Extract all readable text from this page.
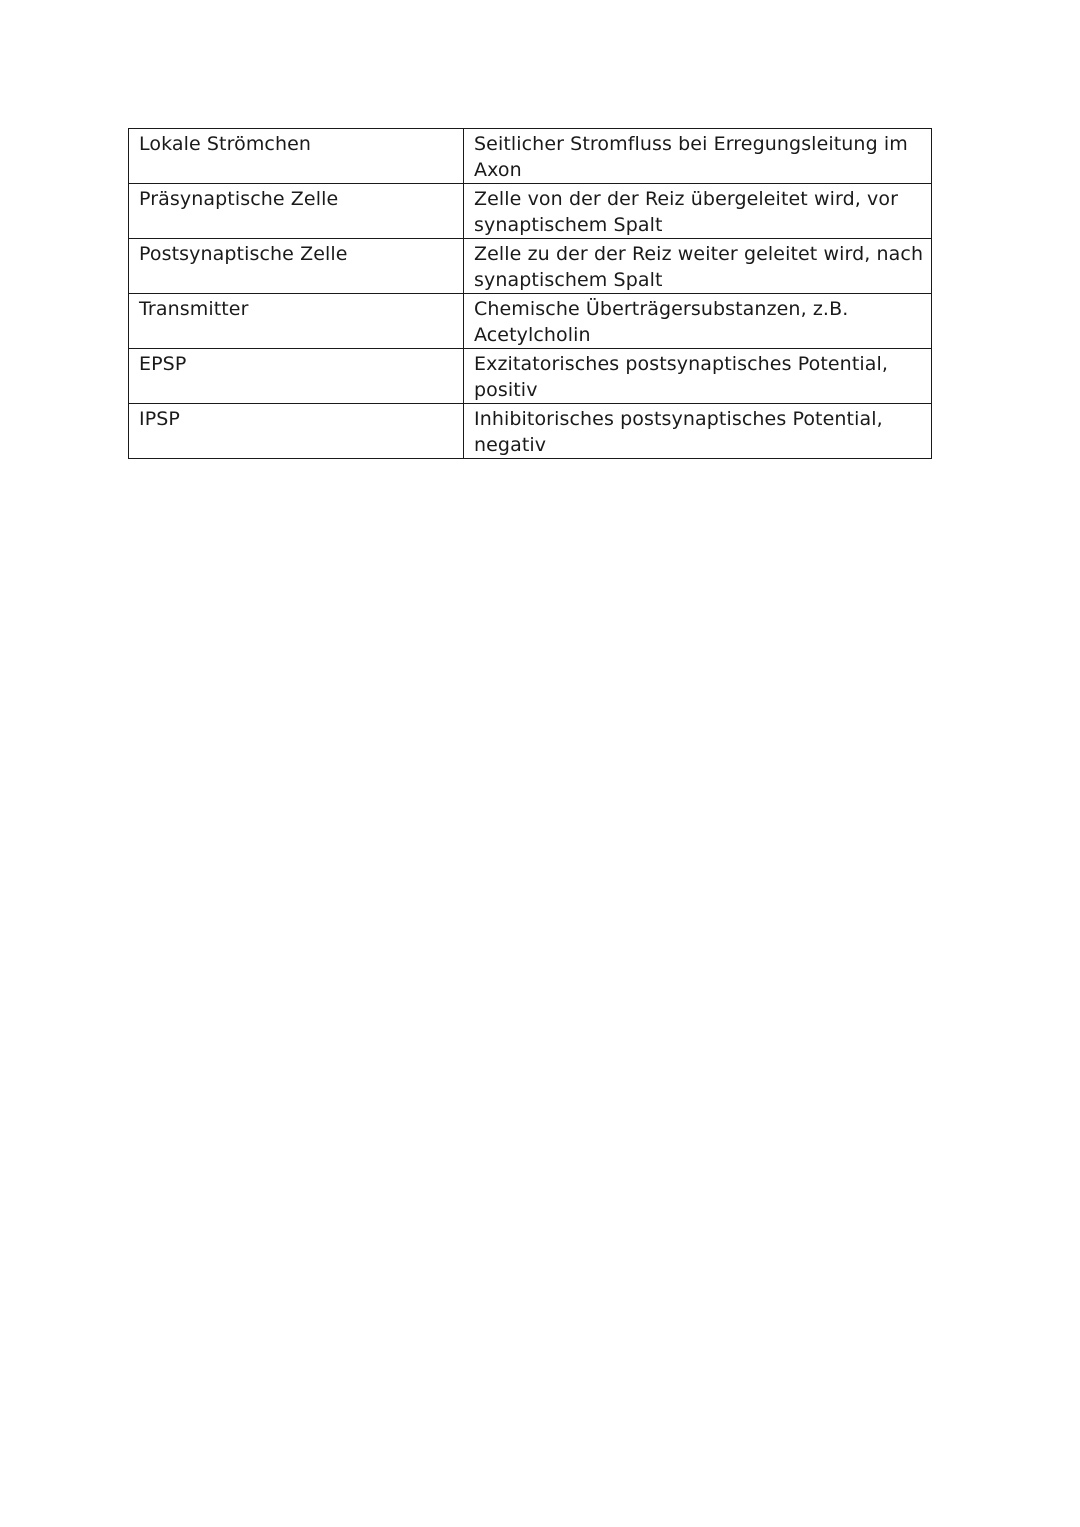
Lokale Strömchen	Seitlicher Stromfluss bei Erregungsleitung im Axon
Präsynaptische Zelle	Zelle von der der Reiz übergeleitet wird, vor synaptischem Spalt
Postsynaptische Zelle	Zelle zu der der Reiz weiter geleitet wird, nach synaptischem Spalt
Transmitter	Chemische Überträgersubstanzen, z.B. Acetylcholin
EPSP	Exzitatorisches postsynaptisches Potential, positiv
IPSP	Inhibitorisches postsynaptisches Potential, negativ
